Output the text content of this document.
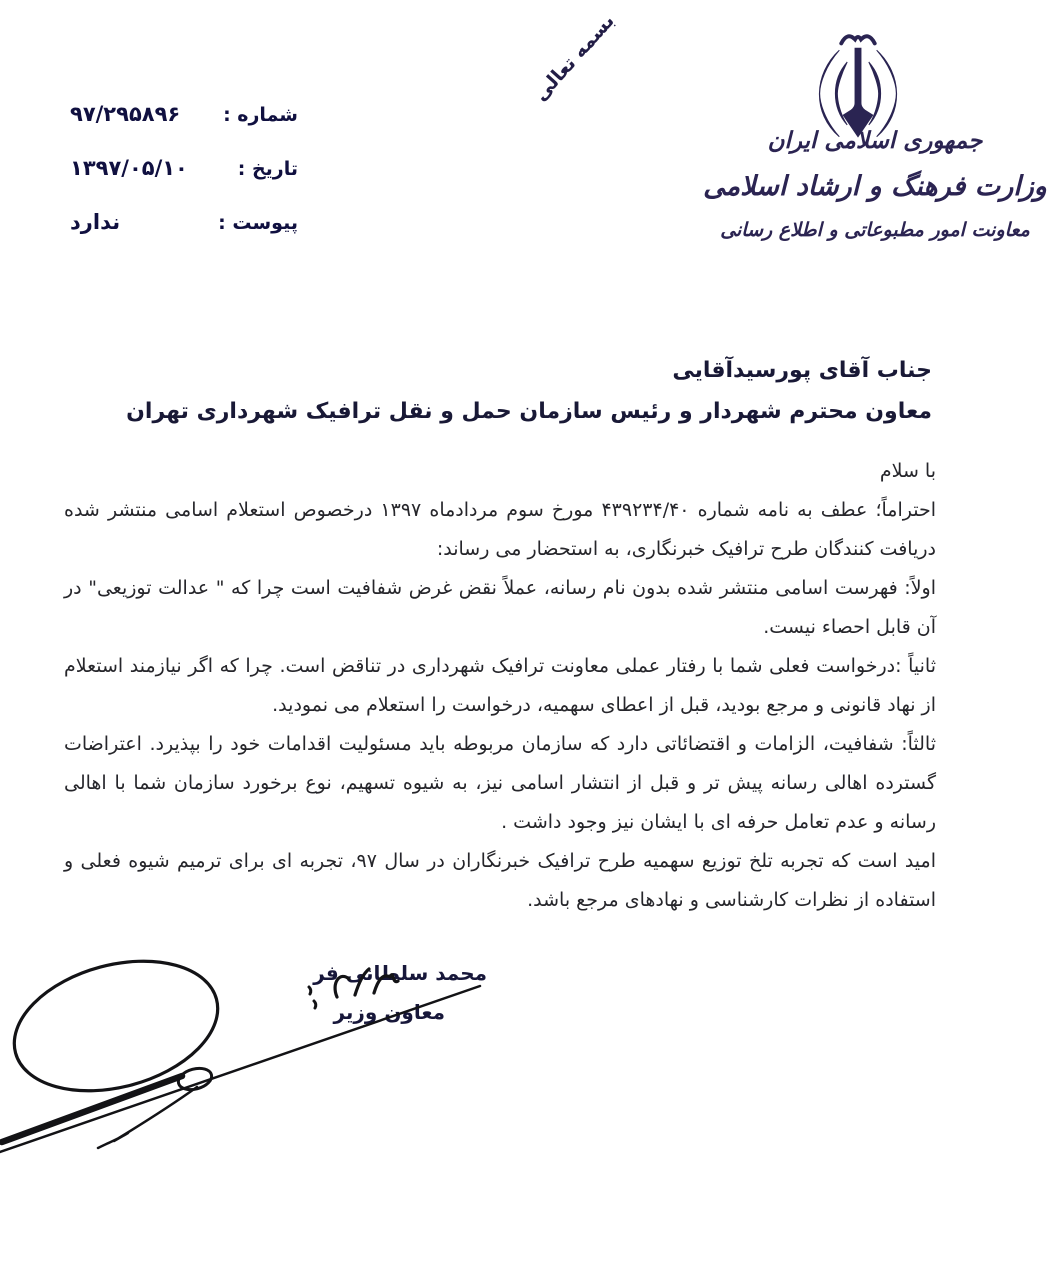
بسمه تعالی
جمهوری اسلامی ایران
وزارت فرهنگ و ارشاد اسلامی
معاونت امور مطبوعاتی و اطلاع رسانی
شماره :
۹۷/۲۹۵۸۹۶
تاریخ :
۱۳۹۷/۰۵/۱۰
پیوست :
ندارد
جناب آقای پورسیدآقایی
معاون محترم شهردار و رئیس سازمان حمل و نقل ترافیک شهرداری تهران

با سلام

احتراماً؛ عطف به نامه شماره ۴۳۹۲۳۴/۴۰ مورخ سوم مردادماه ۱۳۹۷ درخصوص استعلام اسامی منتشر شده دریافت کنندگان طرح ترافیک خبرنگاری، به استحضار می رساند:

اولاً: فهرست اسامی منتشر شده بدون نام رسانه، عملاً نقض غرض شفافیت است چرا که " عدالت توزیعی" در آن قابل احصاء نیست.

ثانیاً :درخواست فعلی شما با رفتار عملی معاونت ترافیک شهرداری در تناقض است. چرا که اگر نیازمند استعلام از نهاد قانونی و مرجع بودید، قبل از اعطای سهمیه، درخواست را استعلام می نمودید.

ثالثاً: شفافیت، الزامات و اقتضائاتی دارد که سازمان مربوطه باید مسئولیت اقدامات خود را بپذیرد. اعتراضات گسترده اهالی رسانه پیش تر و قبل از انتشار اسامی نیز، به شیوه تسهیم، نوع برخورد سازمان شما با اهالی رسانه و عدم تعامل حرفه ای با ایشان نیز وجود داشت .

امید است که تجربه تلخ توزیع سهمیه طرح ترافیک خبرنگاران در سال ۹۷، تجربه ای برای ترمیم شیوه فعلی و استفاده از نظرات کارشناسی و نهادهای مرجع باشد.

محمد سلطانی فر
معاون وزیر
